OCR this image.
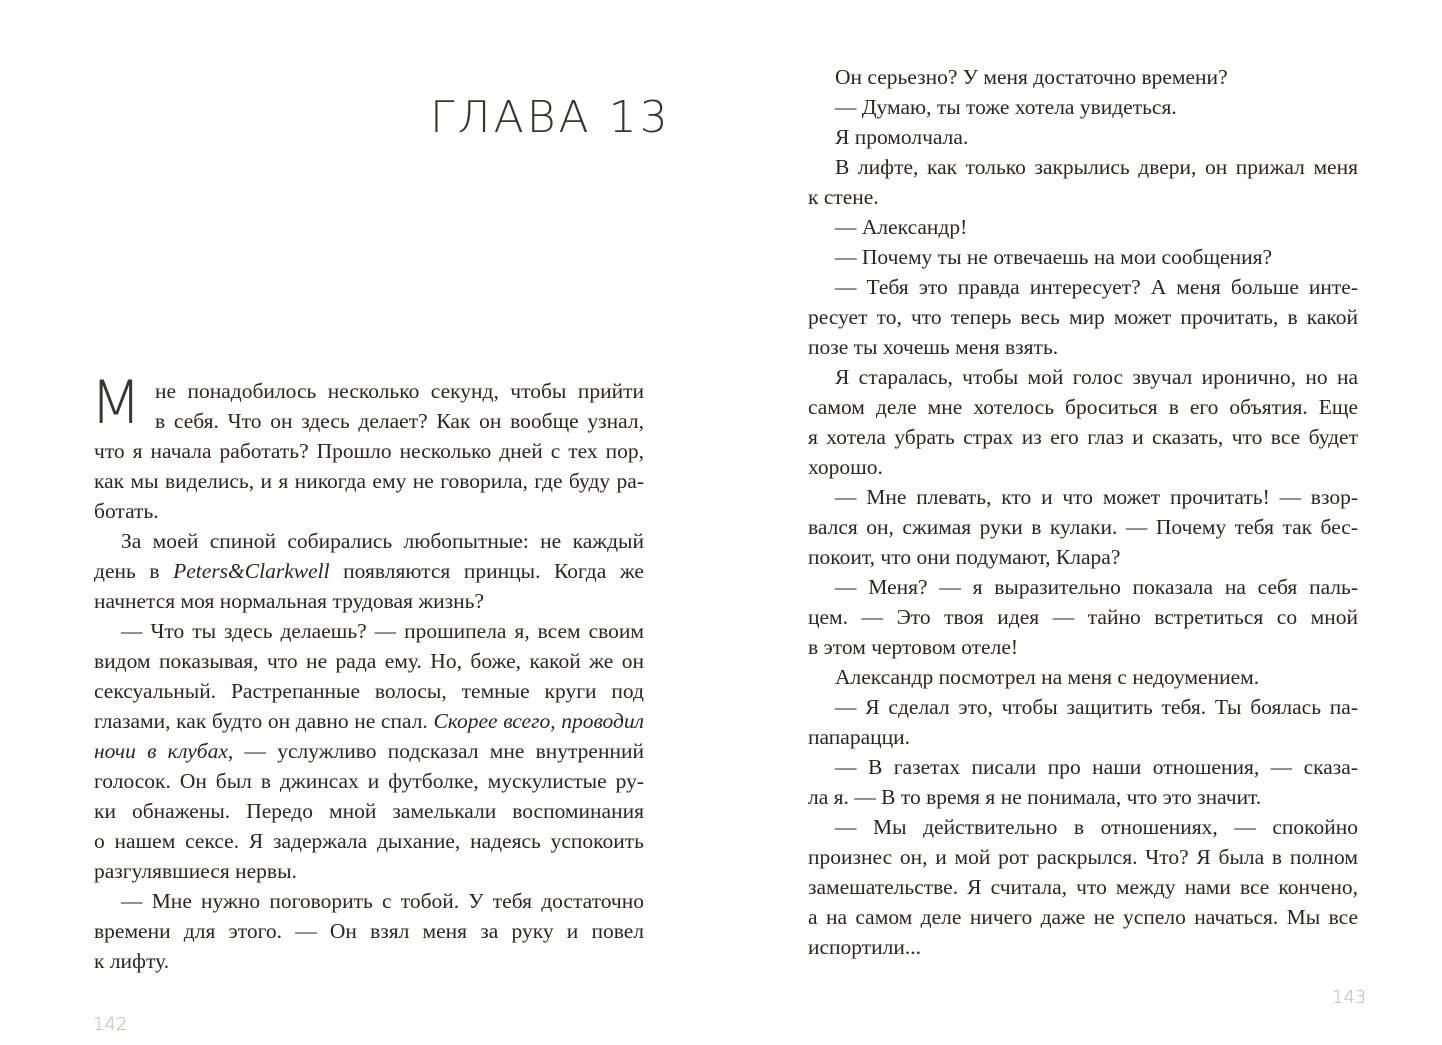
ГЛАВА 13
М не понадобилось несколько секунд, чтобы прийти

в себя. Что он здесь делает? Как он вообще узнал,

что я начала работать? Прошло несколько дней с тех пор,

как мы виделись, и я никогда ему не говорила, где буду ра-

ботать.

За моей спиной собирались любопытные: не каждый

день в Peters&Clarkwell появляются принцы. Когда же

начнется моя нормальная трудовая жизнь?

— Что ты здесь делаешь? — прошипела я, всем своим

видом показывая, что не рада ему. Но, боже, какой же он

сексуальный. Растрепанные волосы, темные круги под

глазами, как будто он давно не спал. Скорее всего, проводил

ночи в клубах, — услужливо подсказал мне внутренний

голосок. Он был в джинсах и футболке, мускулистые ру-

ки обнажены. Передо мной замелькали воспоминания

о нашем сексе. Я задержала дыхание, надеясь успокоить

разгулявшиеся нервы.

— Мне нужно поговорить с тобой. У тебя достаточно

времени для этого. — Он взял меня за руку и повел

к лифту.

142

Он серьезно? У меня достаточно времени?

— Думаю, ты тоже хотела увидеться.

Я промолчала.

В лифте, как только закрылись двери, он прижал меня

к стене.

— Александр!

— Почему ты не отвечаешь на мои сообщения?

— Тебя это правда интересует? А меня больше инте-

ресует то, что теперь весь мир может прочитать, в какой

позе ты хочешь меня взять.

Я старалась, чтобы мой голос звучал иронично, но на

самом деле мне хотелось броситься в его объятия. Еще

я хотела убрать страх из его глаз и сказать, что все будет

хорошо.

— Мне плевать, кто и что может прочитать! — взор-

вался он, сжимая руки в кулаки. — Почему тебя так бес-

покоит, что они подумают, Клара?

— Меня? — я выразительно показала на себя паль-

цем. — Это твоя идея — тайно встретиться со мной

в этом чертовом отеле!

Александр посмотрел на меня с недоумением.

— Я сделал это, чтобы защитить тебя. Ты боялась па-

папарацци.

— В газетах писали про наши отношения, — сказа-

ла я. — В то время я не понимала, что это значит.

— Мы действительно в отношениях, — спокойно

произнес он, и мой рот раскрылся. Что? Я была в полном

замешательстве. Я считала, что между нами все кончено,

а на самом деле ничего даже не успело начаться. Мы все

испортили...

143
